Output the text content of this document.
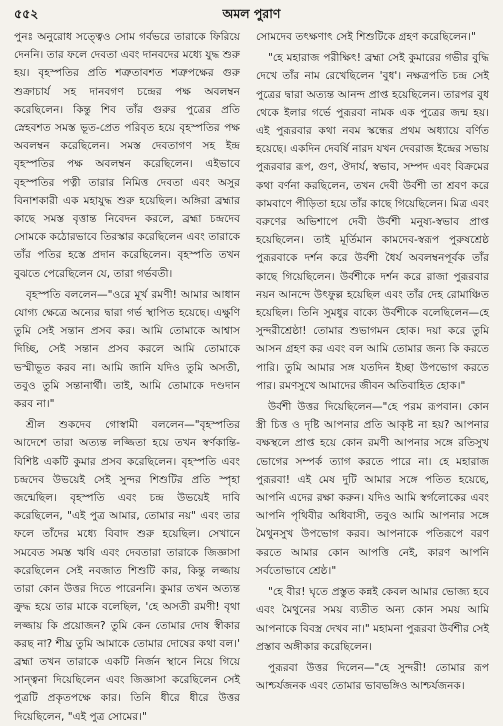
৫৫২	অমল পুরাণ

পুনঃ অনুরোধ সত্ত্বেও সোম গর্বভরে তারাকে ফিরিয়ে দেননি। তার ফলে দেবতা এবং দানবদের মধ্যে যুদ্ধ শুরু হয়। বৃহস্পতির প্রতি শত্রুতাবশত শত্রুপক্ষের গুরু শুক্রাচার্য সহ দানবগণ চন্দ্রের পক্ষ অবলম্বন করেছিলেন। কিন্তু শিব তাঁর গুরুর পুত্রের প্রতি স্নেহবশত সমস্ত ভূত-প্রেত পরিবৃত হয়ে বৃহস্পতির পক্ষ অবলম্বন করেছিলেন। সমস্ত দেবতাগণ সহ ইন্দ্র বৃহস্পতির পক্ষ অবলম্বন করেছিলেন। এইভাবে বৃহস্পতির পত্নী তারার নিমিত্ত দেবতা এবং অসুর বিনাশকারী এক মহাযুদ্ধ শুরু হয়েছিল। অঙ্গিরা ব্রহ্মার কাছে সমস্ত বৃত্তান্ত নিবেদন করলে, ব্রহ্মা চন্দ্রদেব সোমকে কঠোরভাবে তিরস্কার করেছিলেন এবং তারাকে তাঁর পতির হস্তে প্রদান করেছিলেন। বৃহস্পতি তখন বুঝতে পেরেছিলেন যে, তারা গর্ভবতী।

বৃহস্পতি বললেন—"ওরে মূর্খ রমণী! আমার আধান যোগ্য ক্ষেত্রে অন্যের দ্বারা গর্ভ স্থাপিত হয়েছে। এক্ষুণি তুমি সেই সন্তান প্রসব কর। আমি তোমাকে আশ্বাস দিচ্ছি, সেই সন্তান প্রসব করলে আমি তোমাকে ভস্মীভূত করব না। আমি জানি যদিও তুমি অসতী, তবুও তুমি সন্তানার্থী। তাই, আমি তোমাকে দণ্ডদান করব না।"

শ্রীল শুকদেব গোস্বামী বললেন—"বৃহস্পতির আদেশে তারা অত্যন্ত লজ্জিতা হয়ে তখন স্বর্ণকান্তি-বিশিষ্ট একটি কুমার প্রসব করেছিলেন। বৃহস্পতি এবং চন্দ্রদেব উভয়েই সেই সুন্দর শিশুটির প্রতি স্পৃহা জন্মেছিল। বৃহস্পতি এবং চন্দ্র উভয়েই দাবি করেছিলেন, "এই পুত্র আমার, তোমার নয়" এবং তার ফলে তাঁদের মধ্যে বিবাদ শুরু হয়েছিল। সেখানে সমবেত সমস্ত ঋষি এবং দেবতারা তারাকে জিজ্ঞাসা করেছিলেন সেই নবজাত শিশুটি কার, কিন্তু লজ্জায় তারা কোন উত্তর দিতে পারেননি। কুমার তখন অত্যন্ত ক্রুদ্ধ হয়ে তার মাকে বলেছিল, 'হে অসতী রমণী! বৃথা লজ্জায় কি প্রয়োজন? তুমি কেন তোমার দোষ স্বীকার করছ না? শীঘ্র তুমি আমাকে তোমার দোষের কথা বল।' ব্রহ্মা তখন তারাকে একটি নির্জন স্থানে নিয়ে গিয়ে সান্ত্বনা দিয়েছিলেন এবং জিজ্ঞাসা করেছিলেন সেই পুত্রটি প্রকৃতপক্ষে কার। তিনি ধীরে ধীরে উত্তর দিয়েছিলেন, "এই পুত্র সোমের।"

সোমদেব তৎক্ষণাৎ সেই শিশুটিকে গ্রহণ করেছিলেন।"

"হে মহারাজ পরীক্ষিৎ! ব্রহ্মা সেই কুমারের গভীর বুদ্ধি দেখে তাঁর নাম রেখেছিলেন 'বুধ'। নক্ষত্রপতি চন্দ্র সেই পুত্রের দ্বারা অত্যন্ত আনন্দ প্রাপ্ত হয়েছিলেন। তারপর বুধ থেকে ইলার গর্ভে পুরূরবা নামক এক পুত্রের জন্ম হয়। এই পুরূরবার কথা নবম স্কন্ধের প্রথম অধ্যায়ে বর্ণিত হয়েছে। একদিন দেবর্ষি নারদ যখন দেবরাজ ইন্দ্রের সভায় পুরূরবার রূপ, গুণ, ঔদার্য, স্বভাব, সম্পদ এবং বিক্রমের কথা বর্ণনা করছিলেন, তখন দেবী উর্বশী তা শ্রবণ করে কামবাণে পীড়িতা হয়ে তাঁর কাছে গিয়েছিলেন। মিত্র এবং বরুণের অভিশাপে দেবী উর্বশী মনুষ্য-স্বভাব প্রাপ্ত হয়েছিলেন। তাই মূর্তিমান কামদেব-স্বরূপ পুরুষশ্রেষ্ঠ পুরূরবাকে দর্শন করে উর্বশী ধৈর্য অবলম্বনপূর্বক তাঁর কাছে গিয়েছিলেন। উর্বশীকে দর্শন করে রাজা পুরূরবার নয়ন আনন্দে উৎফুল্ল হয়েছিল এবং তাঁর দেহ রোমাঞ্চিত হয়েছিল। তিনি সুমধুর বাক্যে উর্বশীকে বলেছিলেন—হে সুন্দরীশ্রেষ্ঠা! তোমার শুভাগমন হোক। দয়া করে তুমি আসন গ্রহণ কর এবং বল আমি তোমার জন্য কি করতে পারি। তুমি আমার সঙ্গ যতদিন ইচ্ছা উপভোগ করতে পার। রমণসুখে আমাদের জীবন অতিবাহিত হোক।"

উর্বশী উত্তর দিয়েছিলেন—"হে পরম রূপবান। কোন স্ত্রী চিত্ত ও দৃষ্টি আপনার প্রতি আকৃষ্ট না হয়? আপনার বক্ষস্থলে প্রাপ্ত হয়ে কোন রমণী আপনার সঙ্গে রতিসুখ ভোগের সম্পর্ক ত্যাগ করতে পারে না। হে মহারাজ পুরূরবা! এই মেষ দুটি আমার সঙ্গে পতিত হয়েছে, আপনি এদের রক্ষা করুন। যদিও আমি স্বর্গলোকের এবং আপনি পৃথিবীর অধিবাসী, তবুও আমি আপনার সঙ্গে মৈথুনসুখ উপভোগ করব। আপনাকে পতিরূপে বরণ করতে আমার কোন আপত্তি নেই, কারণ আপনি সর্বতোভাবে শ্রেষ্ঠ।"

"হে বীর! ঘৃতে প্রস্তুত কন্নই কেবল আমার ভোজ্য হবে এবং মৈথুনের সময় ব্যতীত অন্য কোন সময় আমি আপনাকে বিবস্ত্র দেখব না।" মহামনা পুরূরবা উর্বশীর সেই প্রস্তাব অঙ্গীকার করেছিলেন।

পুরূরবা উত্তর দিলেন—"হে সুন্দরী! তোমার রূপ আশ্চর্যজনক এবং তোমার ভাবভঙ্গিও আশ্চর্যজনক।
